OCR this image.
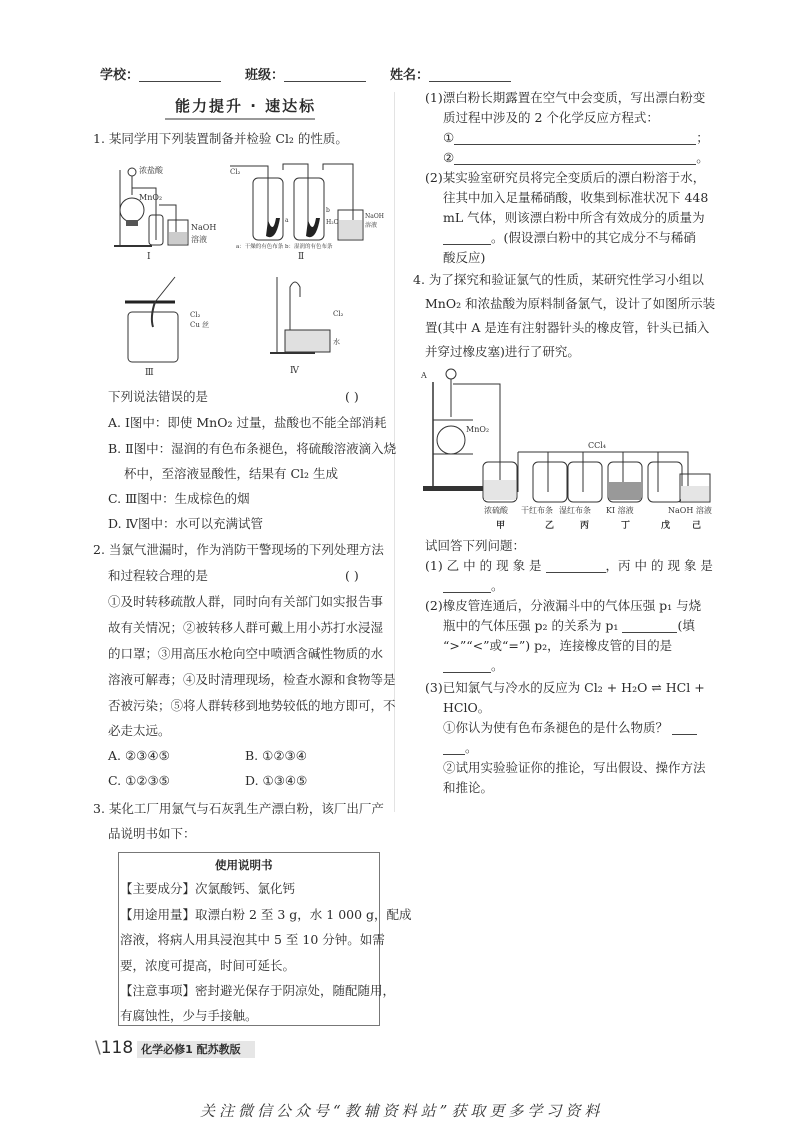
学校：	班级：	姓名：
能力提升 · 速达标
1. 某同学用下列装置制备并检验 Cl₂ 的性质。
浓盐酸
MnO₂
NaOH
溶液
Ⅰ
Cl₂
a
b
H₂O
NaOH
溶液
a：干燥的有色布条 b：湿润的有色布条
Ⅱ
Cl₂
Cu 丝
Ⅲ
Cl₂
水
Ⅳ
下列说法错误的是	( )
A. Ⅰ图中：即使 MnO₂ 过量，盐酸也不能全部消耗
B. Ⅱ图中：湿润的有色布条褪色，将硫酸溶液滴入烧
杯中，至溶液显酸性，结果有 Cl₂ 生成
C. Ⅲ图中：生成棕色的烟
D. Ⅳ图中：水可以充满试管
2. 当氯气泄漏时，作为消防干警现场的下列处理方法
和过程较合理的是	( )
①及时转移疏散人群，同时向有关部门如实报告事
故有关情况；②被转移人群可戴上用小苏打水浸湿
的口罩；③用高压水枪向空中喷洒含碱性物质的水
溶液可解毒；④及时清理现场，检查水源和食物等是
否被污染；⑤将人群转移到地势较低的地方即可，不
必走太远。
A. ②③④⑤	B. ①②③④
C. ①②③⑤	D. ①③④⑤
3. 某化工厂用氯气与石灰乳生产漂白粉，该厂出厂产
品说明书如下：
使用说明书
【主要成分】次氯酸钙、氯化钙
【用途用量】取漂白粉 2 至 3 g，水 1 000 g，配成
溶液，将病人用具浸泡其中 5 至 10 分钟。如需
要，浓度可提高，时间可延长。
【注意事项】密封避光保存于阴凉处，随配随用，
有腐蚀性，少与手接触。
(1)漂白粉长期露置在空气中会变质，写出漂白粉变
质过程中涉及的 2 个化学反应方程式：
①	；
②	。
(2)某实验室研究员将完全变质后的漂白粉溶于水，
往其中加入足量稀硝酸，收集到标准状况下 448
mL 气体，则该漂白粉中所含有效成分的质量为
。(假设漂白粉中的其它成分不与稀硝
酸反应)
4. 为了探究和验证氯气的性质，某研究性学习小组以
MnO₂ 和浓盐酸为原料制备氯气，设计了如图所示装
置(其中 A 是连有注射器针头的橡皮管，针头已插入
并穿过橡皮塞)进行了研究。
A
MnO₂
CCl₄
浓硫酸 干红布条 湿红布条 KI 溶液	NaOH 溶液
甲	乙	丙	丁	戊 己
试回答下列问题：
(1) 乙 中 的 现 象 是	，丙 中 的 现 象 是
。
(2)橡皮管连通后，分液漏斗中的气体压强 p₁ 与烧
瓶中的气体压强 p₂ 的关系为 p₁	(填
“>”“<”或“=”) p₂，连接橡皮管的目的是
。
(3)已知氯气与冷水的反应为 Cl₂ + H₂O ⇌ HCl +
HClO。
①你认为使有色布条褪色的是什么物质？
。
②试用实验验证你的推论，写出假设、操作方法
和推论。
\118 化学必修1 配苏教版
关注微信公众号“教辅资料站”获取更多学习资料
